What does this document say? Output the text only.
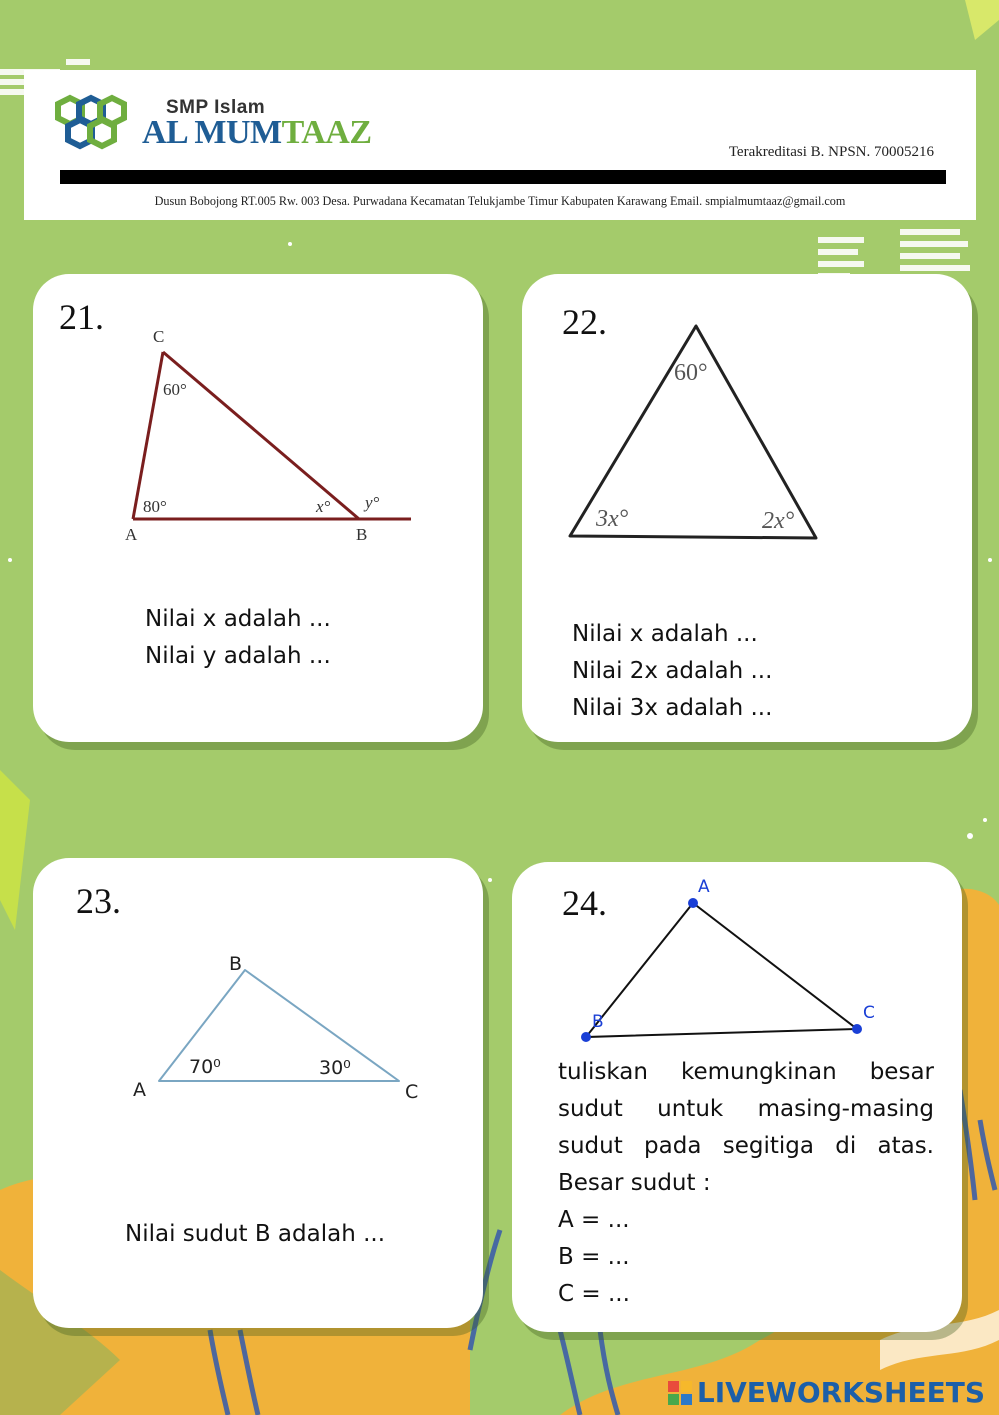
SMP Islam
AL MUMTAAZ
Terakreditasi B. NPSN. 70005216
Dusun Bobojong RT.005 Rw. 003 Desa. Purwadana Kecamatan Telukjambe Timur Kabupaten Karawang Email. smpialmumtaaz@gmail.com
21.	C
A	B
60°
80°	x° y°
Nilai x adalah ...
Nilai y adalah ...
22.
60°
3x°	2x°
Nilai x adalah ...
Nilai 2x adalah ...
Nilai 3x adalah ...
23.
B
A	C
70⁰	30⁰
Nilai sudut B adalah ...
24.	A
B	C
tuliskan kemungkinan besar
sudut untuk masing-masing
sudut pada segitiga di atas.
Besar sudut :
A = ...
B = ...
C = ...
LIVEWORKSHEETS
